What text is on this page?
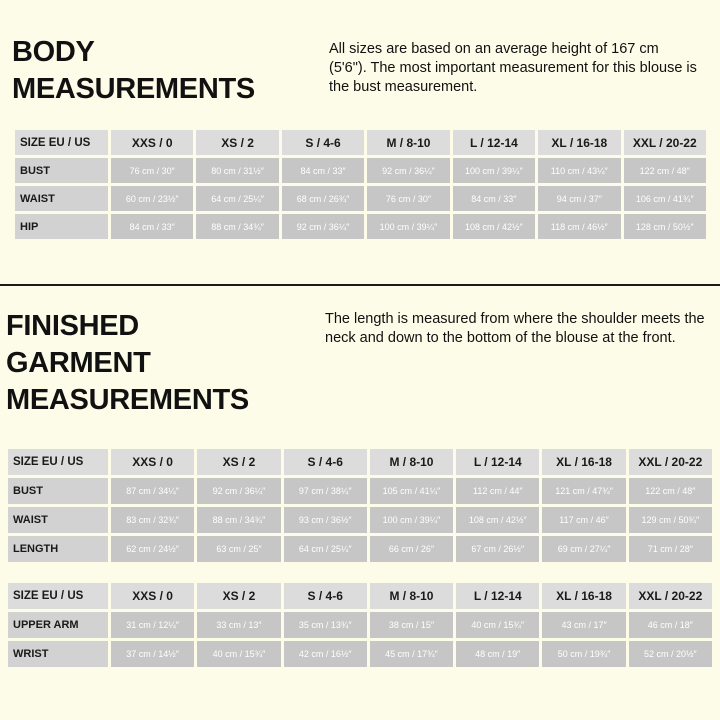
BODY
MEASUREMENTS
All sizes are based on an average height of 167 cm (5'6"). The most important measurement for this blouse is the bust measurement.
SIZE EU / US	XXS / 0	XS / 2	S / 4-6	M / 8-10	L / 12-14	XL / 16-18	XXL / 20-22
BUST	76 cm / 30″	80 cm / 31½″	84 cm / 33″	92 cm / 36¼″	100 cm / 39¼″	110 cm / 43¼″	122 cm / 48″
WAIST	60 cm / 23½″	64 cm / 25¼″	68 cm / 26¾″	76 cm / 30″	84 cm / 33″	94 cm / 37″	106 cm / 41¾″
HIP	84 cm / 33″	88 cm / 34¾″	92 cm / 36¼″	100 cm / 39¼″	108 cm / 42½″	118 cm / 46½″	128 cm / 50½″
FINISHED
GARMENT
MEASUREMENTS
The length is measured from where the shoulder meets the neck and down to the bottom of the blouse at the front.
SIZE EU / US	XXS / 0	XS / 2	S / 4-6	M / 8-10	L / 12-14	XL / 16-18	XXL / 20-22
BUST	87 cm / 34¼″	92 cm / 36¼″	97 cm / 38¼″	105 cm / 41¼″	112 cm / 44″	121 cm / 47¾″	122 cm / 48″
WAIST	83 cm / 32¾″	88 cm / 34¾″	93 cm / 36½″	100 cm / 39¼″	108 cm / 42½″	117 cm / 46″	129 cm / 50¾″
LENGTH	62 cm / 24½″	63 cm / 25″	64 cm / 25¼″	66 cm / 26″	67 cm / 26½″	69 cm / 27¼″	71 cm / 28″
SIZE EU / US	XXS / 0	XS / 2	S / 4-6	M / 8-10	L / 12-14	XL / 16-18	XXL / 20-22
UPPER ARM	31 cm / 12¼″	33 cm / 13″	35 cm / 13¾″	38 cm / 15″	40 cm / 15¾″	43 cm / 17″	46 cm / 18″
WRIST	37 cm / 14½″	40 cm / 15¾″	42 cm / 16½″	45 cm / 17¾″	48 cm / 19″	50 cm / 19¾″	52 cm / 20½″
